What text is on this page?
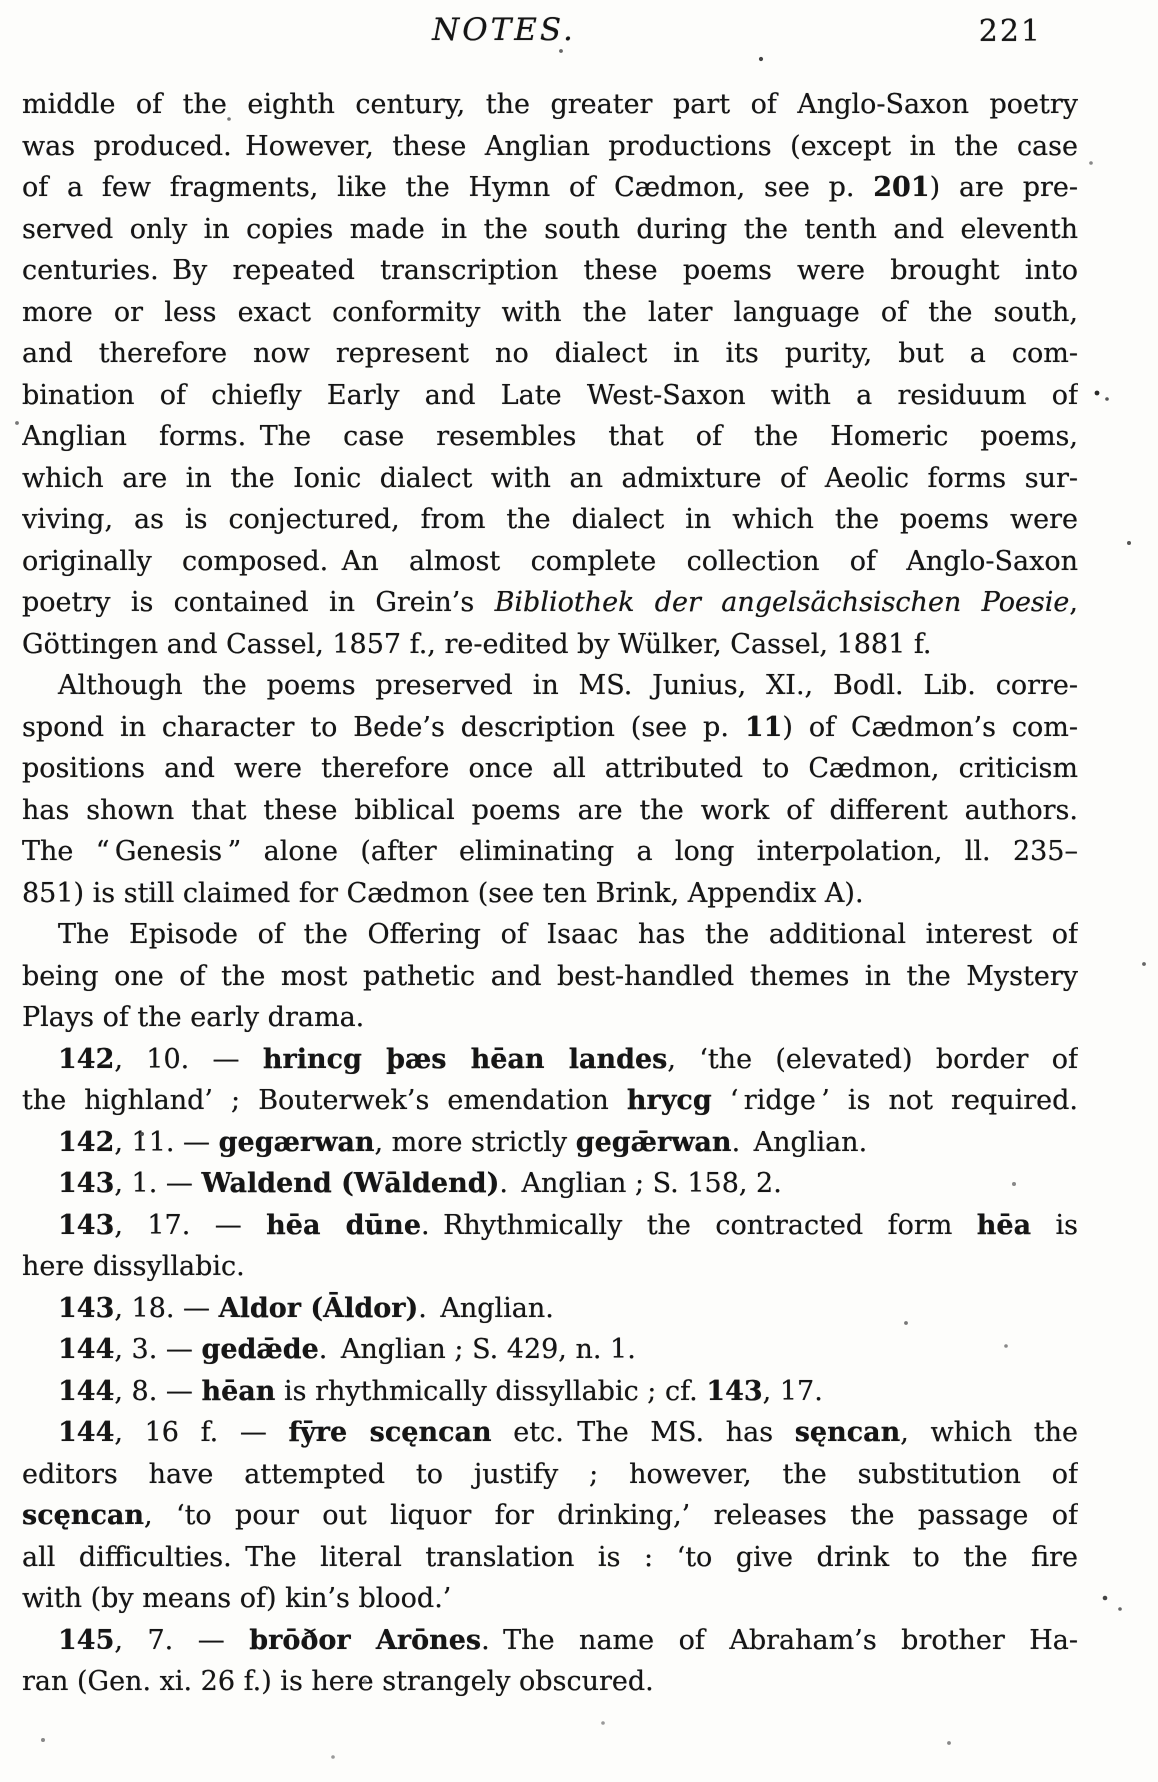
NOTES.	221
middle of the eighth century, the greater part of Anglo-Saxon poetry
was produced. However, these Anglian productions (except in the case
of a few fragments, like the Hymn of Cædmon, see p. 201) are pre-
served only in copies made in the south during the tenth and eleventh
centuries. By repeated transcription these poems were brought into
more or less exact conformity with the later language of the south,
and therefore now represent no dialect in its purity, but a com-
bination of chiefly Early and Late West-Saxon with a residuum of
Anglian forms. The case resembles that of the Homeric poems,
which are in the Ionic dialect with an admixture of Aeolic forms sur-
viving, as is conjectured, from the dialect in which the poems were
originally composed. An almost complete collection of Anglo-Saxon
poetry is contained in Grein’s Bibliothek der angelsächsischen Poesie,
Göttingen and Cassel, 1857 f., re-edited by Wülker, Cassel, 1881 f.
Although the poems preserved in MS. Junius, XI., Bodl. Lib. corre-
spond in character to Bede’s description (see p. 11) of Cædmon’s com-
positions and were therefore once all attributed to Cædmon, criticism
has shown that these biblical poems are the work of different authors.
The “ Genesis ” alone (after eliminating a long interpolation, ll. 235–
851) is still claimed for Cædmon (see ten Brink, Appendix A).
The Episode of the Offering of Isaac has the additional interest of
being one of the most pathetic and best-handled themes in the Mystery
Plays of the early drama.
142, 10. — hrincg þæs hēan landes, ‘the (elevated) border of
the highland’ ; Bouterwek’s emendation hrycg ‘ ridge ’ is not required.
142, 11. — gegærwan, more strictly gegǣrwan. Anglian.
143, 1. — Waldend (Wāldend). Anglian ; S. 158, 2.
143, 17. — hēa dūne. Rhythmically the contracted form hēa is
here dissyllabic.
143, 18. — Aldor (Āldor). Anglian.
144, 3. — gedǣde. Anglian ; S. 429, n. 1.
144, 8. — hēan is rhythmically dissyllabic ; cf. 143, 17.
144, 16 f. — fȳre scęncan etc. The MS. has sęncan, which the
editors have attempted to justify ; however, the substitution of
scęncan, ‘to pour out liquor for drinking,’ releases the passage of
all difficulties. The literal translation is : ‘to give drink to the fire
with (by means of) kin’s blood.’
145, 7. — brōðor Arōnes. The name of Abraham’s brother Ha-
ran (Gen. xi. 26 f.) is here strangely obscured.
